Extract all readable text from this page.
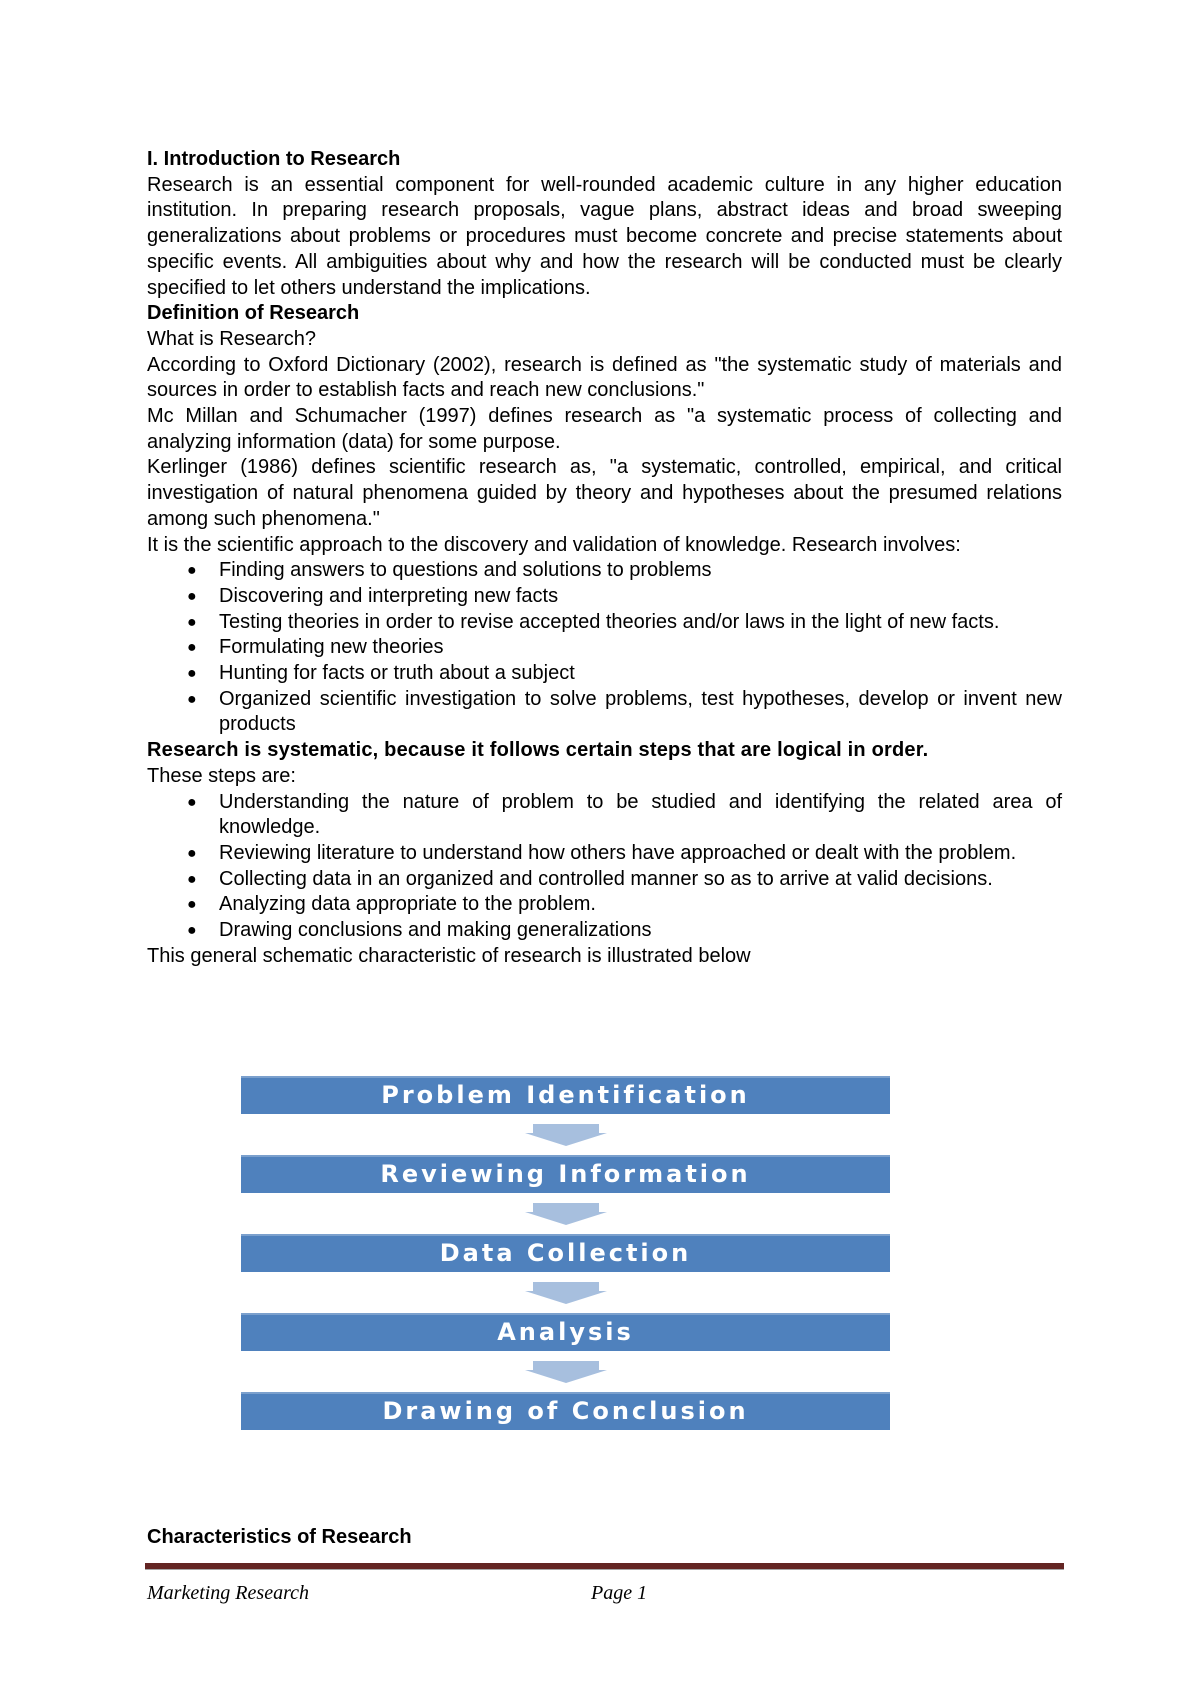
I. Introduction to Research
Research is an essential component for well-rounded academic culture in any higher education institution. In preparing research proposals, vague plans, abstract ideas and broad sweeping generalizations about problems or procedures must become concrete and precise statements about specific events. All ambiguities about why and how the research will be conducted must be clearly specified to let others understand the implications.
Definition of Research
What is Research?
According to Oxford Dictionary (2002), research is defined as "the systematic study of materials and sources in order to establish facts and reach new conclusions."
Mc Millan and Schumacher (1997) defines research as "a systematic process of collecting and analyzing information (data) for some purpose.
Kerlinger (1986) defines scientific research as, "a systematic, controlled, empirical, and critical investigation of natural phenomena guided by theory and hypotheses about the presumed relations among such phenomena."
It is the scientific approach to the discovery and validation of knowledge. Research involves:
● Finding answers to questions and solutions to problems
● Discovering and interpreting new facts
● Testing theories in order to revise accepted theories and/or laws in the light of new facts.
● Formulating new theories
● Hunting for facts or truth about a subject
● Organized scientific investigation to solve problems, test hypotheses, develop or invent new products
Research is systematic, because it follows certain steps that are logical in order.
These steps are:
● Understanding the nature of problem to be studied and identifying the related area of knowledge.
● Reviewing literature to understand how others have approached or dealt with the problem.
● Collecting data in an organized and controlled manner so as to arrive at valid decisions.
● Analyzing data appropriate to the problem.
● Drawing conclusions and making generalizations
This general schematic characteristic of research is illustrated below
Problem Identification
Reviewing Information
Data Collection
Analysis
Drawing of Conclusion
Characteristics of Research
Marketing Research	Page 1
